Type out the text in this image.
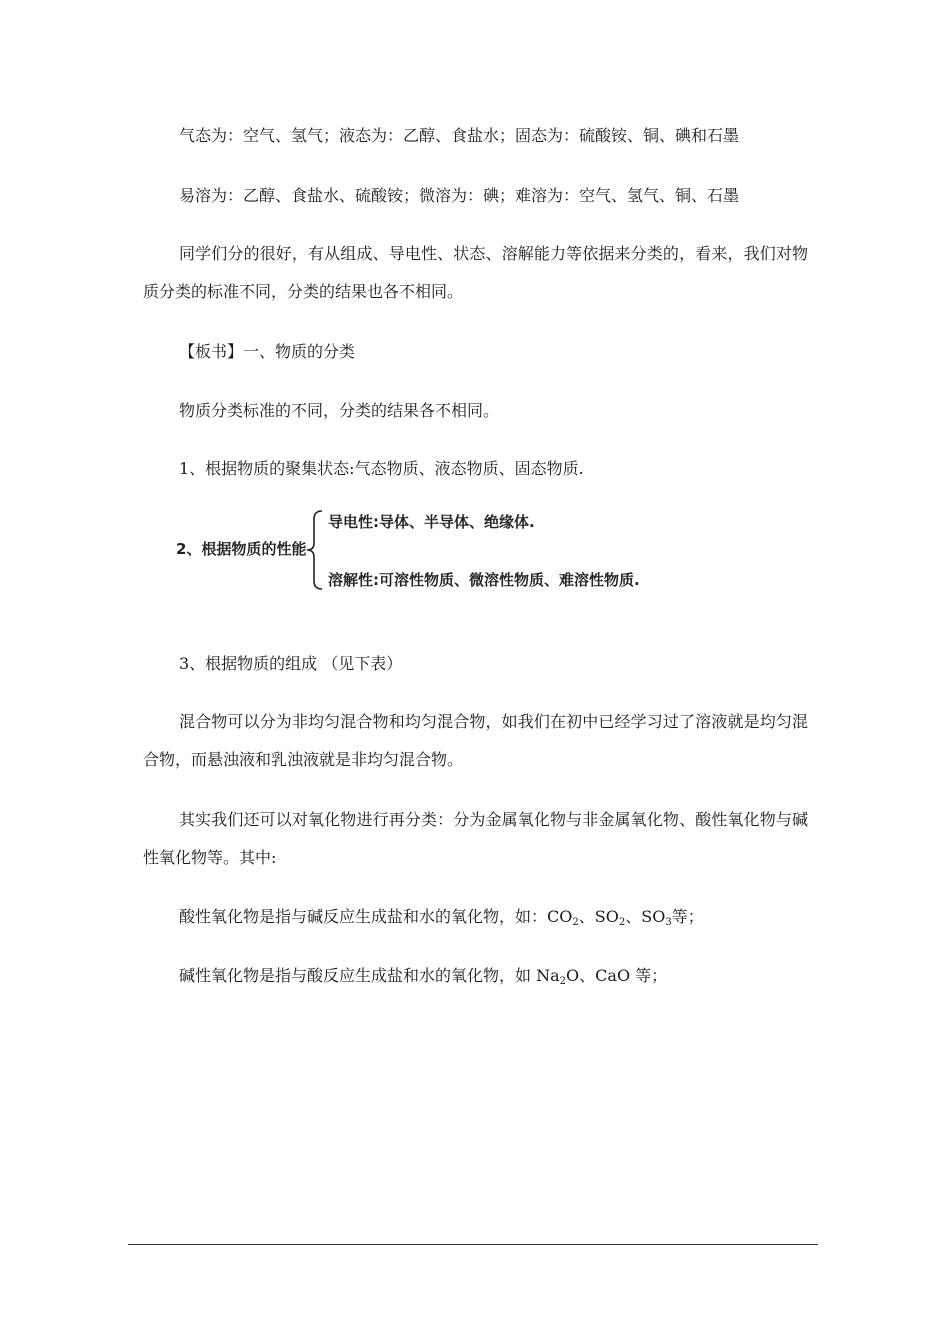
气态为：空气、氢气；液态为：乙醇、食盐水；固态为：硫酸铵、铜、碘和石墨

易溶为：乙醇、食盐水、硫酸铵；微溶为：碘；难溶为：空气、氢气、铜、石墨

同学们分的很好，有从组成、导电性、状态、溶解能力等依据来分类的，看来，我们对物质分类的标准不同，分类的结果也各不相同。

【板书】一、物质的分类

物质分类标准的不同，分类的结果各不相同。

1、根据物质的聚集状态:气态物质、液态物质、固态物质.

2、根据物质的性能
导电性:导体、半导体、绝缘体.
溶解性:可溶性物质、微溶性物质、难溶性物质.

3、根据物质的组成 （见下表）

混合物可以分为非均匀混合物和均匀混合物，如我们在初中已经学习过了溶液就是均匀混合物，而悬浊液和乳浊液就是非均匀混合物。

其实我们还可以对氧化物进行再分类：分为金属氧化物与非金属氧化物、酸性氧化物与碱性氧化物等。其中:

酸性氧化物是指与碱反应生成盐和水的氧化物，如：$CO_2$、$SO_2$、$SO_3$等；

碱性氧化物是指与酸反应生成盐和水的氧化物，如 $Na_2O$、CaO 等；
